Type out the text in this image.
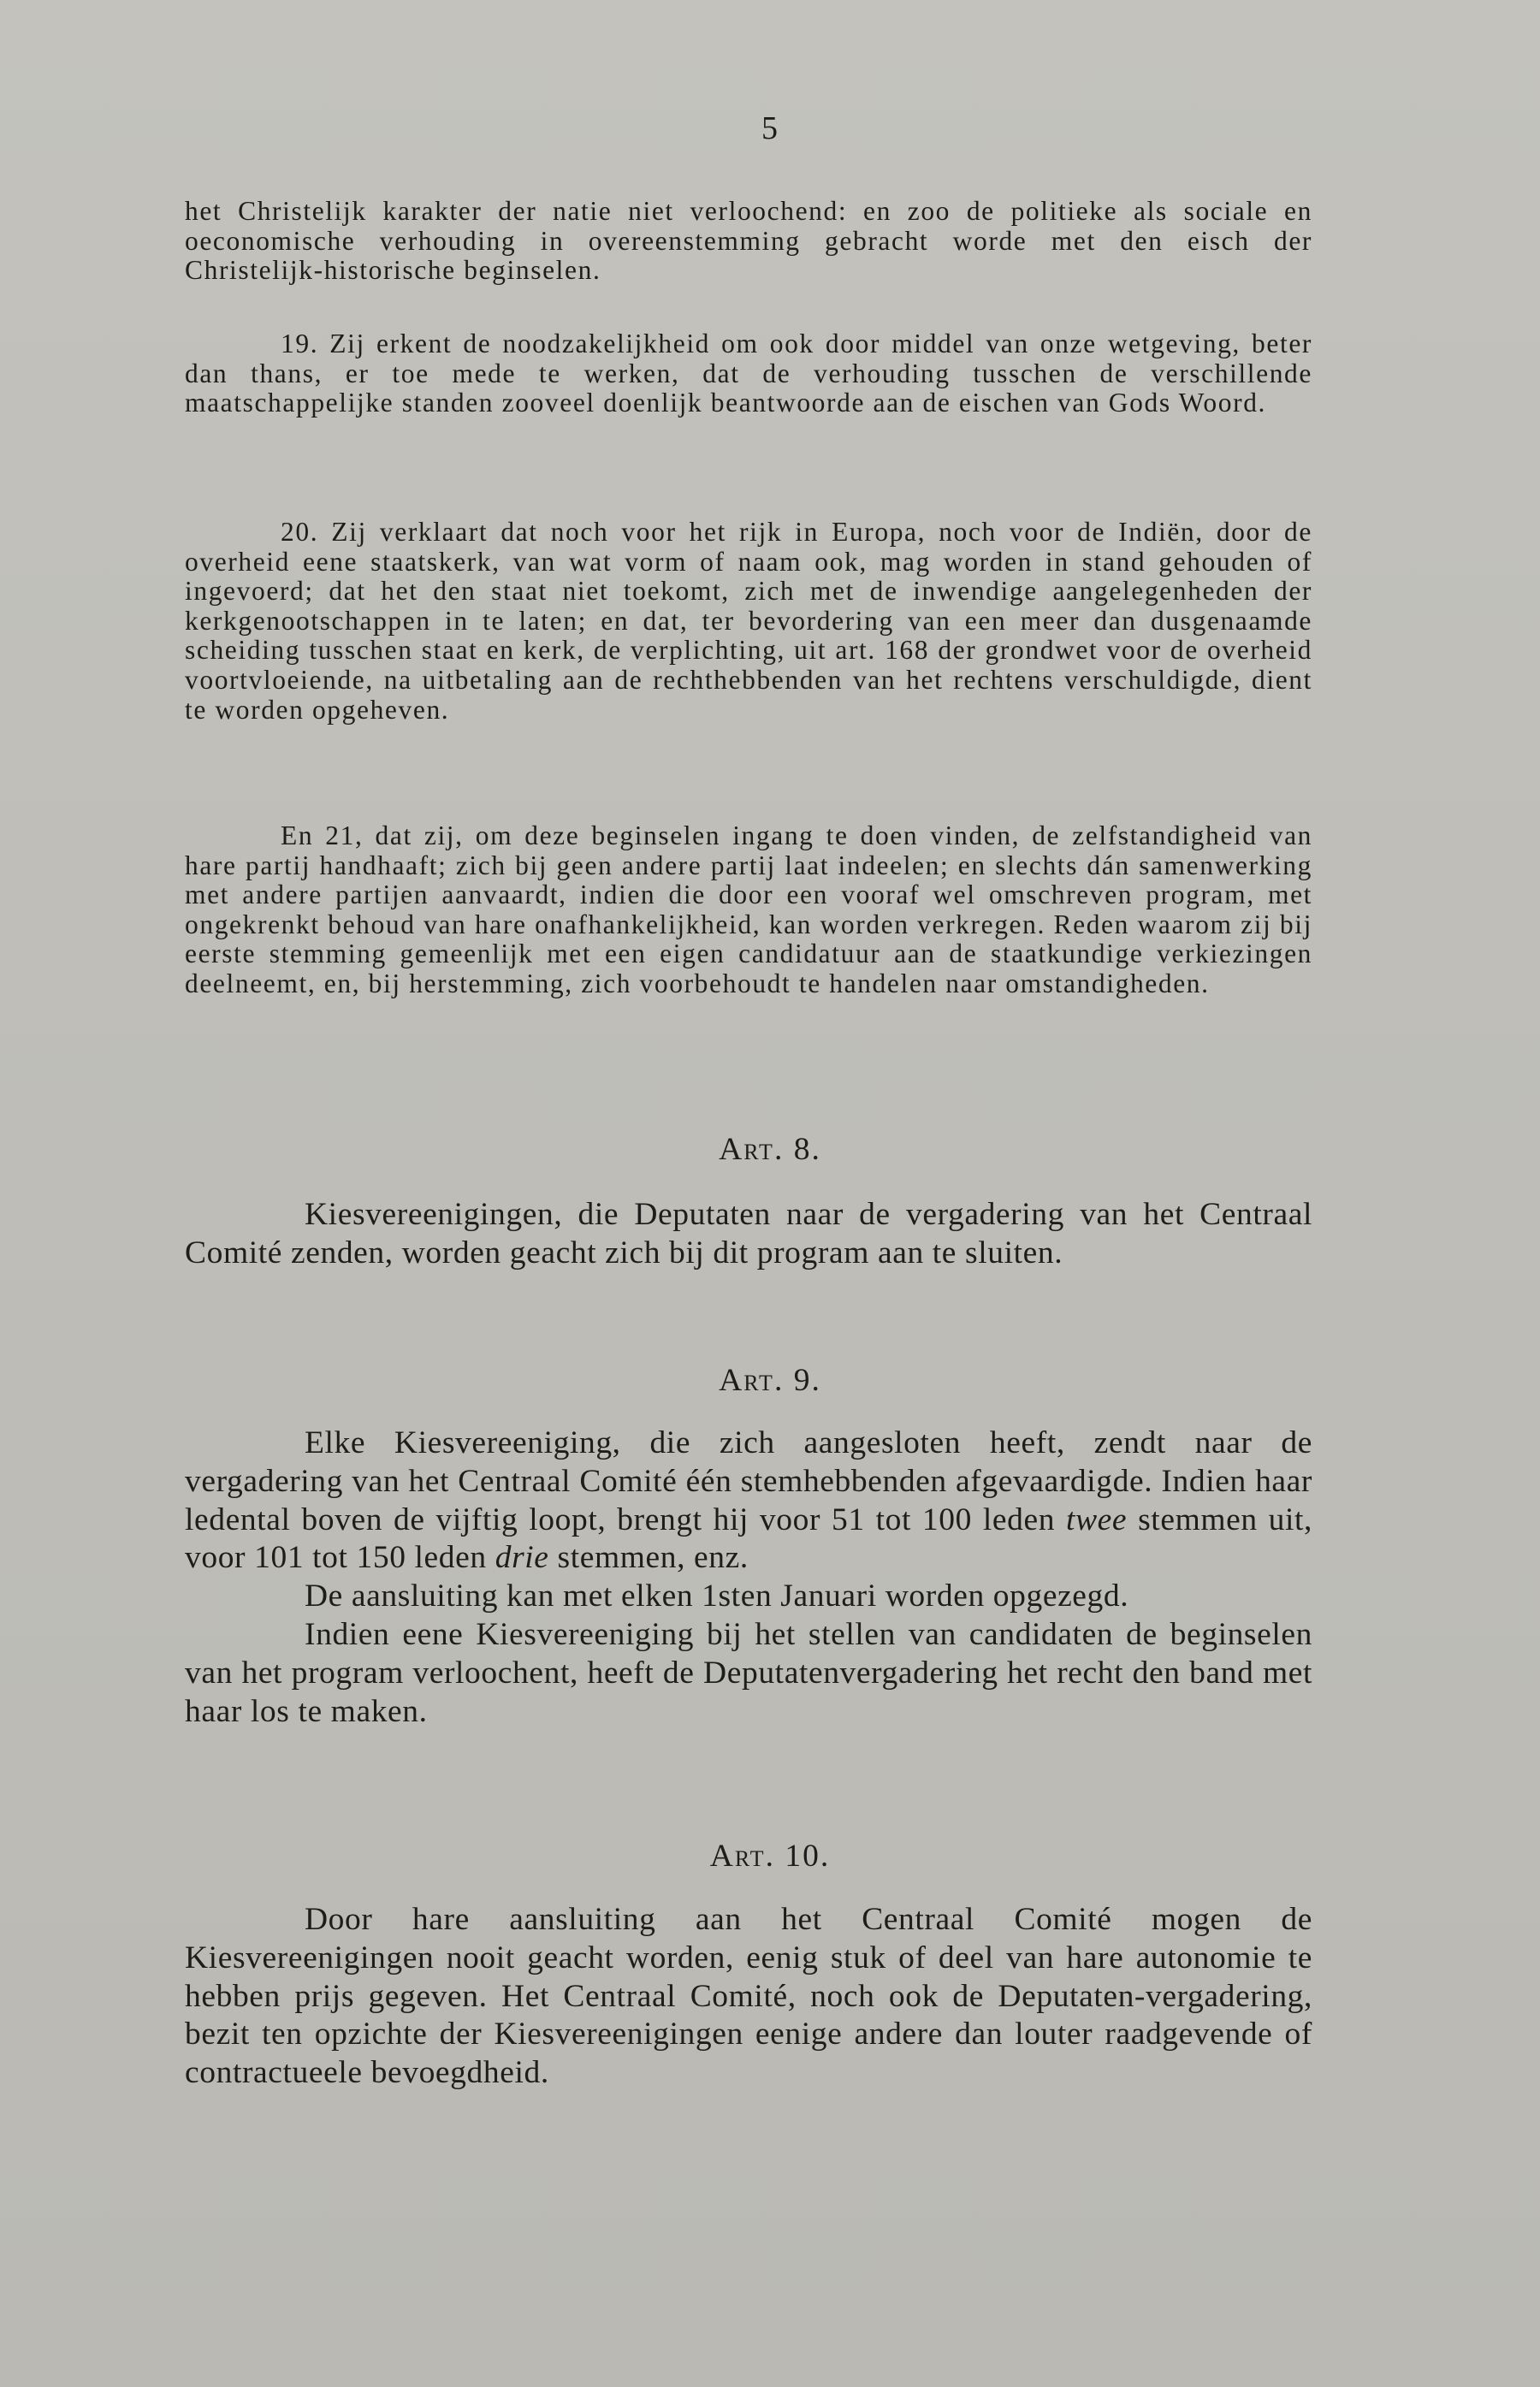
5

het Christelijk karakter der natie niet verloochend: en zoo de politieke als sociale en oeconomische verhouding in overeenstemming gebracht worde met den eisch der Christelijk-historische beginselen.

19. Zij erkent de noodzakelijkheid om ook door middel van onze wetgeving, beter dan thans, er toe mede te werken, dat de verhouding tusschen de verschillende maatschappelijke standen zooveel doenlijk beantwoorde aan de eischen van Gods Woord.

20. Zij verklaart dat noch voor het rijk in Europa, noch voor de Indiën, door de overheid eene staatskerk, van wat vorm of naam ook, mag worden in stand gehouden of ingevoerd; dat het den staat niet toekomt, zich met de inwendige aangelegenheden der kerkgenootschappen in te laten; en dat, ter bevordering van een meer dan dusgenaamde scheiding tusschen staat en kerk, de verplichting, uit art. 168 der grondwet voor de overheid voortvloeiende, na uitbetaling aan de rechthebbenden van het rechtens verschuldigde, dient te worden opgeheven.

En 21, dat zij, om deze beginselen ingang te doen vinden, de zelfstandigheid van hare partij handhaaft; zich bij geen andere partij laat indeelen; en slechts dán samenwerking met andere partijen aanvaardt, indien die door een vooraf wel omschreven program, met ongekrenkt behoud van hare onafhankelijkheid, kan worden verkregen. Reden waarom zij bij eerste stemming gemeenlijk met een eigen candidatuur aan de staatkundige verkiezingen deelneemt, en, bij herstemming, zich voorbehoudt te handelen naar omstandigheden.

Art. 8.

Kiesvereenigingen, die Deputaten naar de vergadering van het Centraal Comité zenden, worden geacht zich bij dit program aan te sluiten.

Art. 9.

Elke Kiesvereeniging, die zich aangesloten heeft, zendt naar de vergadering van het Centraal Comité één stemhebbenden afgevaardigde. Indien haar ledental boven de vijftig loopt, brengt hij voor 51 tot 100 leden twee stemmen uit, voor 101 tot 150 leden drie stemmen, enz.

De aansluiting kan met elken 1sten Januari worden opgezegd.

Indien eene Kiesvereeniging bij het stellen van candidaten de beginselen van het program verloochent, heeft de Deputatenvergadering het recht den band met haar los te maken.

Art. 10.

Door hare aansluiting aan het Centraal Comité mogen de Kiesvereenigingen nooit geacht worden, eenig stuk of deel van hare autonomie te hebben prijs gegeven. Het Centraal Comité, noch ook de Deputaten-vergadering, bezit ten opzichte der Kiesvereenigingen eenige andere dan louter raadgevende of contractueele bevoegdheid.
